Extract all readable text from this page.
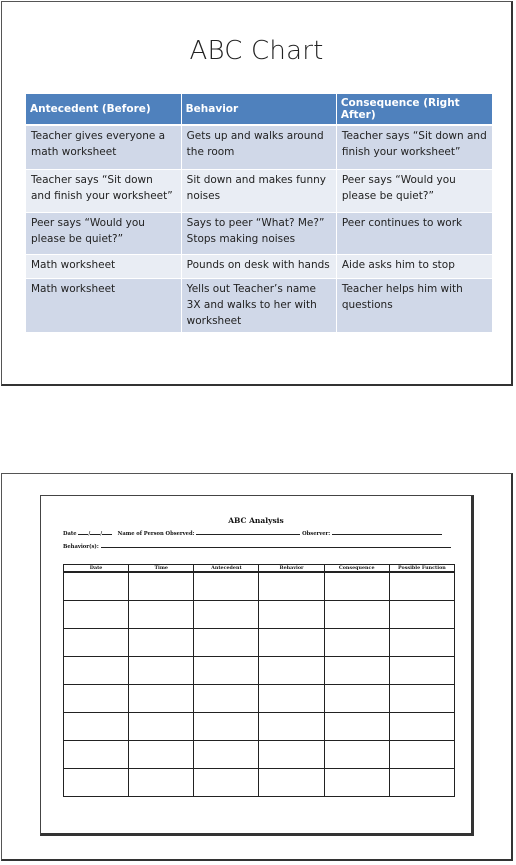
ABC Chart
Antecedent (Before)	Behavior	Consequence (Right After)
Teacher gives everyone a math worksheet	Gets up and walks around the room	Teacher says “Sit down and finish your worksheet”
Teacher says “Sit down and finish your worksheet”	Sit down and makes funny noises	Peer says “Would you please be quiet?”
Peer says “Would you please be quiet?”	Says to peer “What? Me?” Stops making noises	Peer continues to work
Math worksheet	Pounds on desk with hands	Aide asks him to stop
Math worksheet	Yells out Teacher’s name 3X and walks to her with worksheet	Teacher helps him with questions
ABC Analysis
Date / /	Name of Person Observed:	Observer:
Behavior(s):
Date	Time	Antecedent	Behavior	Consequence	Possible Function
